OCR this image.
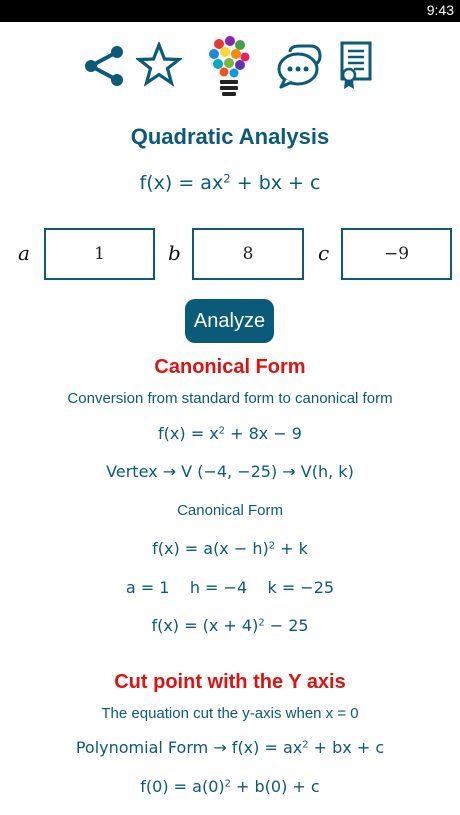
9:43
Quadratic Analysis
$f(x) = ax^2$ + bx + c
a
1	b
8	c
−9
Analyze
Canonical Form
Conversion from standard form to canonical form
$f(x) = x^2 + 8x - 9$
Vertex → V (−4, −25) → V(h, k)
Canonical Form
$f(x) = a(x - h)^2 + k$
a = 1    h = −4    k = −25
$f(x) = (x + 4)^2 - 25$
Cut point with the Y axis
The equation cut the y-axis when x = 0
Polynomial Form → $f(x) = ax^2$ + bx + c
$f(0) = a(0)^2 + b(0) + c$
